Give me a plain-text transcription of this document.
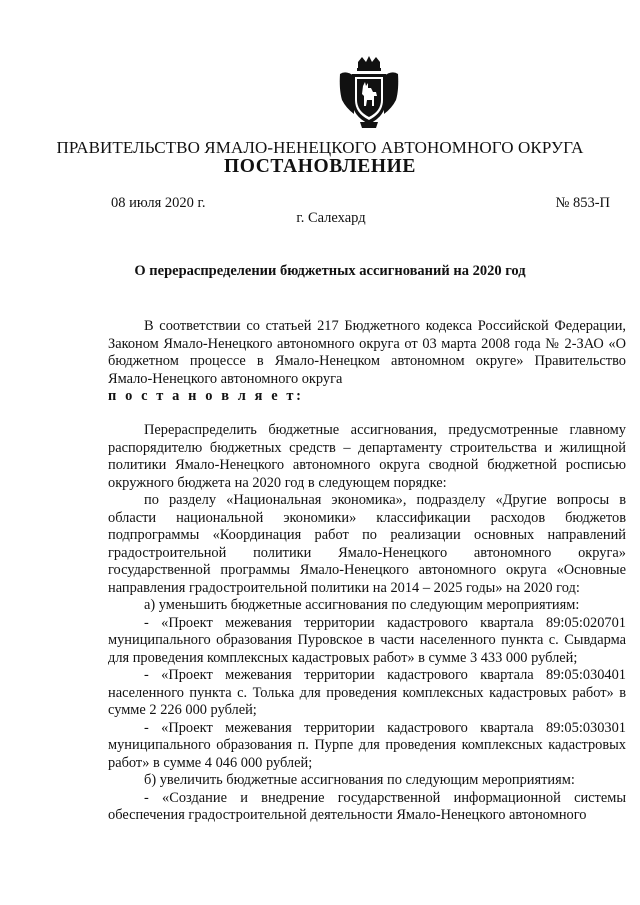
ПРАВИТЕЛЬСТВО ЯМАЛО-НЕНЕЦКОГО АВТОНОМНОГО ОКРУГА
ПОСТАНОВЛЕНИЕ
08 июля 2020 г.	№ 853-П
г. Салехард
О перераспределении бюджетных ассигнований на 2020 год

В соответствии со статьей 217 Бюджетного кодекса Российской Федерации, Законом Ямало-Ненецкого автономного округа от 03 марта 2008 года № 2-ЗАО «О бюджетном процессе в Ямало-Ненецком автономном округе» Правительство Ямало-Ненецкого автономного округа

п о с т а н о в л я е т:

Перераспределить бюджетные ассигнования, предусмотренные главному распорядителю бюджетных средств – департаменту строительства и жилищной политики Ямало-Ненецкого автономного округа сводной бюджетной росписью окружного бюджета на 2020 год в следующем порядке:

по разделу «Национальная экономика», подразделу «Другие вопросы в области национальной экономики» классификации расходов бюджетов подпрограммы «Координация работ по реализации основных направлений градостроительной политики Ямало-Ненецкого автономного округа» государственной программы Ямало-Ненецкого автономного округа «Основные направления градостроительной политики на 2014 – 2025 годы» на 2020 год:

а) уменьшить бюджетные ассигнования по следующим мероприятиям:

- «Проект межевания территории кадастрового квартала 89:05:020701 муниципального образования Пуровское в части населенного пункта с. Сывдарма для проведения комплексных кадастровых работ» в сумме 3 433 000 рублей;

- «Проект межевания территории кадастрового квартала 89:05:030401 населенного пункта с. Толька для проведения комплексных кадастровых работ» в сумме 2 226 000 рублей;

- «Проект межевания территории кадастрового квартала 89:05:030301 муниципального образования п. Пурпе для проведения комплексных кадастровых работ» в сумме 4 046 000 рублей;

б) увеличить бюджетные ассигнования по следующим мероприятиям:

- «Создание и внедрение государственной информационной системы обеспечения градостроительной деятельности Ямало-Ненецкого автономного
